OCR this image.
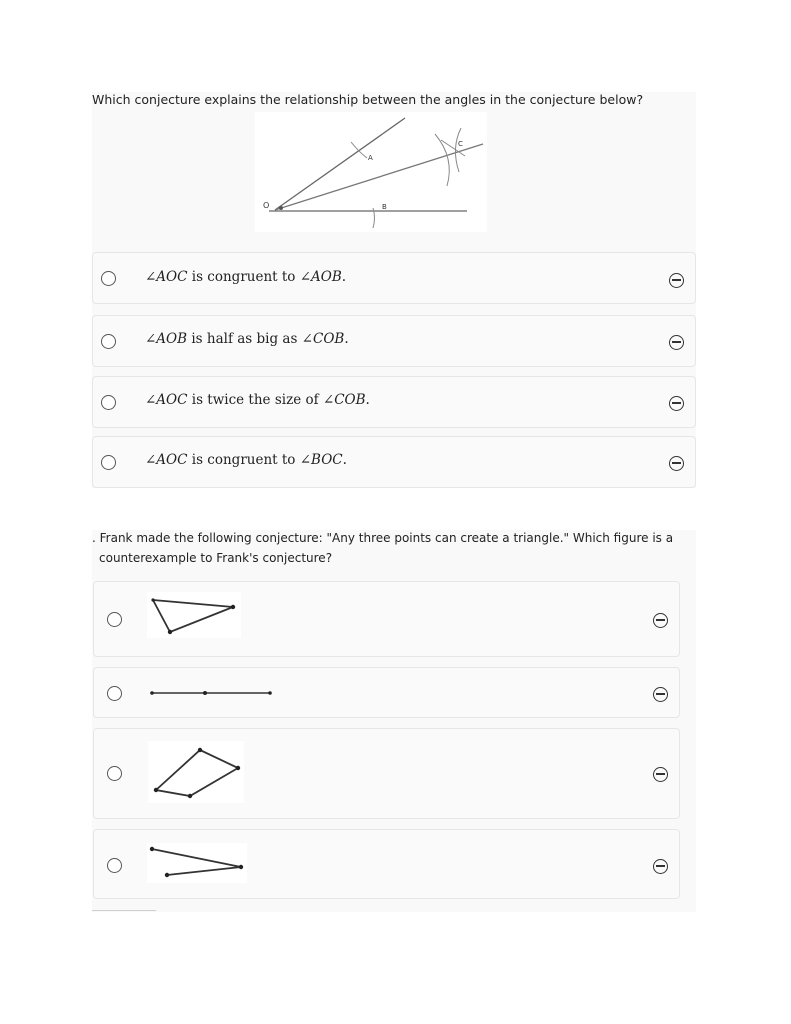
Which conjecture explains the relationship between the angles in the conjecture below?
O
A
B
C
∠AOC is congruent to ∠AOB.
∠AOB is half as big as ∠COB.
∠AOC is twice the size of ∠COB.
∠AOC is congruent to ∠BOC.
. Frank made the following conjecture: "Any three points can create a triangle." Which figure is a
counterexample to Frank's conjecture?
